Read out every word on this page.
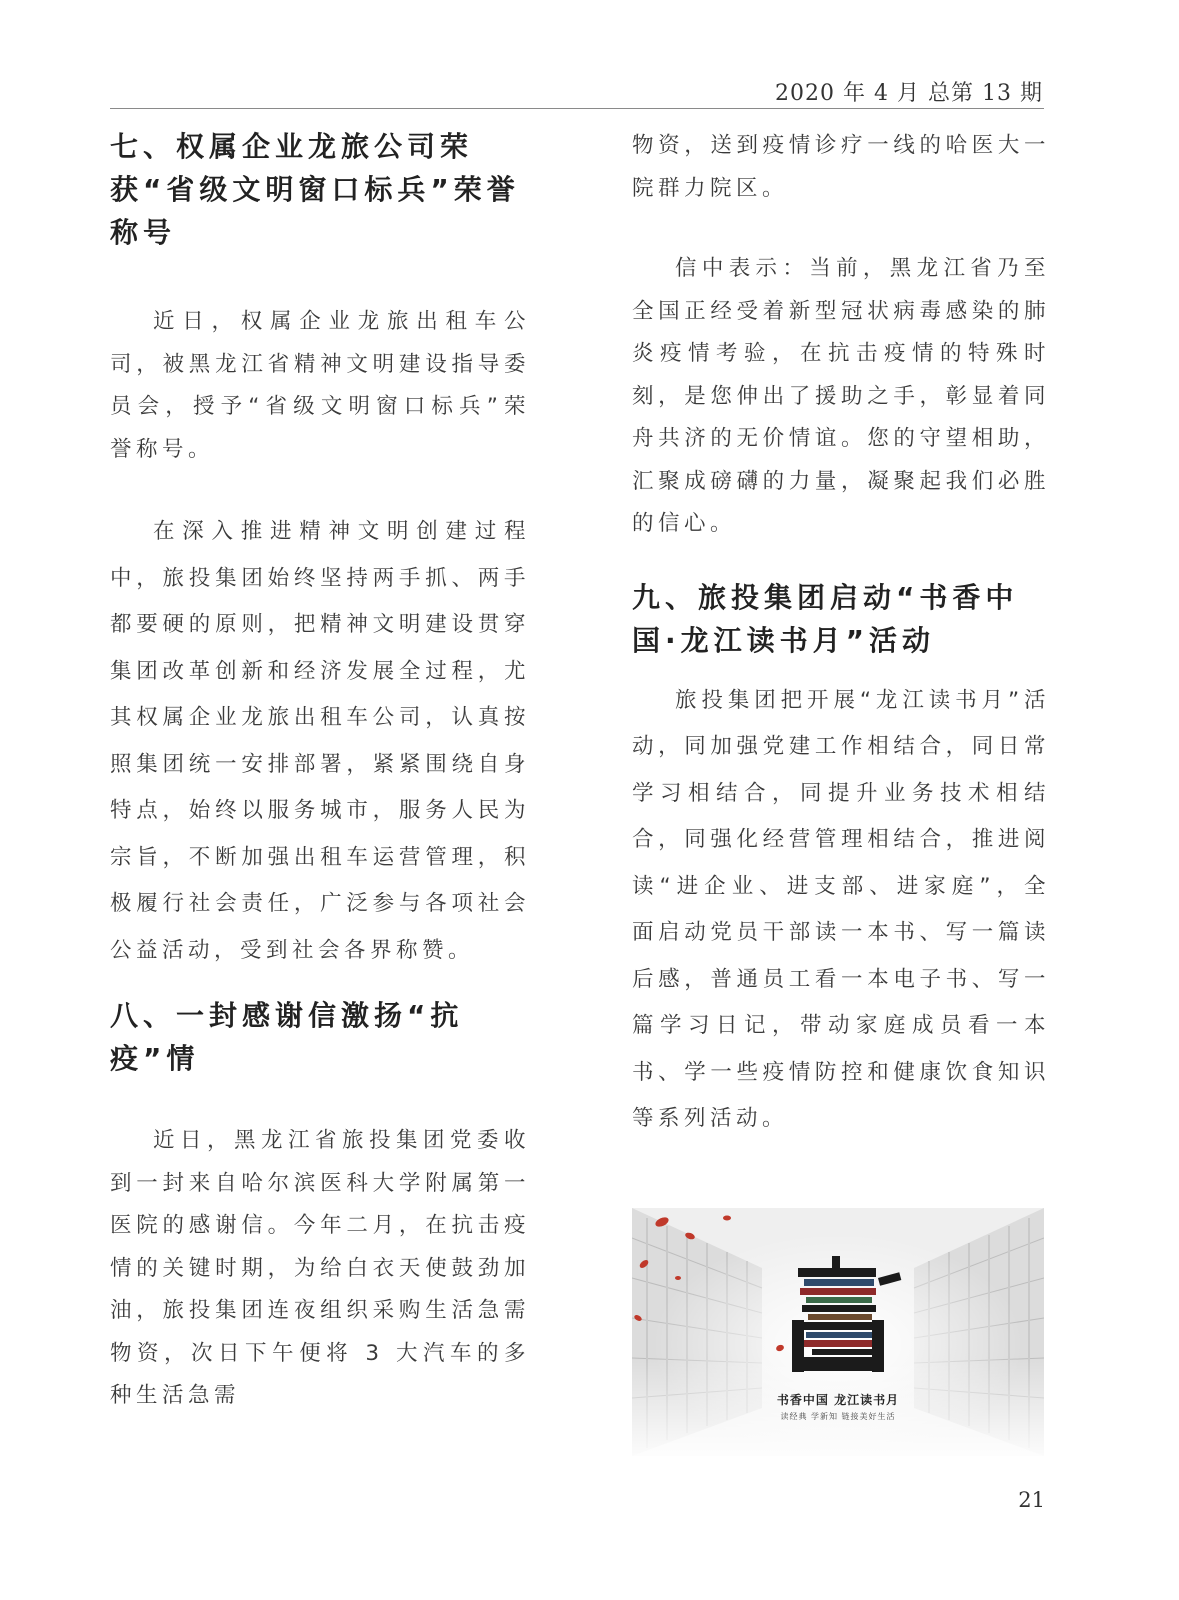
2020 年 4 月 总第 13 期
七、权属企业龙旅公司荣获“省级文明窗口标兵”荣誉称号

近日，权属企业龙旅出租车公司，被黑龙江省精神文明建设指导委员会，授予“省级文明窗口标兵”荣誉称号。

在深入推进精神文明创建过程中，旅投集团始终坚持两手抓、两手都要硬的原则，把精神文明建设贯穿集团改革创新和经济发展全过程，尤其权属企业龙旅出租车公司，认真按照集团统一安排部署，紧紧围绕自身特点，始终以服务城市，服务人民为宗旨，不断加强出租车运营管理，积极履行社会责任，广泛参与各项社会公益活动，受到社会各界称赞。

八、一封感谢信激扬“抗疫”情

近日，黑龙江省旅投集团党委收到一封来自哈尔滨医科大学附属第一医院的感谢信。今年二月，在抗击疫情的关键时期，为给白衣天使鼓劲加油，旅投集团连夜组织采购生活急需物资，次日下午便将 3 大汽车的多种生活急需

物资，送到疫情诊疗一线的哈医大一院群力院区。

信中表示：当前，黑龙江省乃至全国正经受着新型冠状病毒感染的肺炎疫情考验，在抗击疫情的特殊时刻，是您伸出了援助之手，彰显着同舟共济的无价情谊。您的守望相助，汇聚成磅礴的力量，凝聚起我们必胜的信心。

九、旅投集团启动“书香中国·龙江读书月”活动

旅投集团把开展“龙江读书月”活动，同加强党建工作相结合，同日常学习相结合，同提升业务技术相结合，同强化经营管理相结合，推进阅读“进企业、进支部、进家庭”，全面启动党员干部读一本书、写一篇读后感，普通员工看一本电子书、写一篇学习日记，带动家庭成员看一本书、学一些疫情防控和健康饮食知识等系列活动。

书香中国 龙江读书月
读经典 学新知 链接美好生活
21
